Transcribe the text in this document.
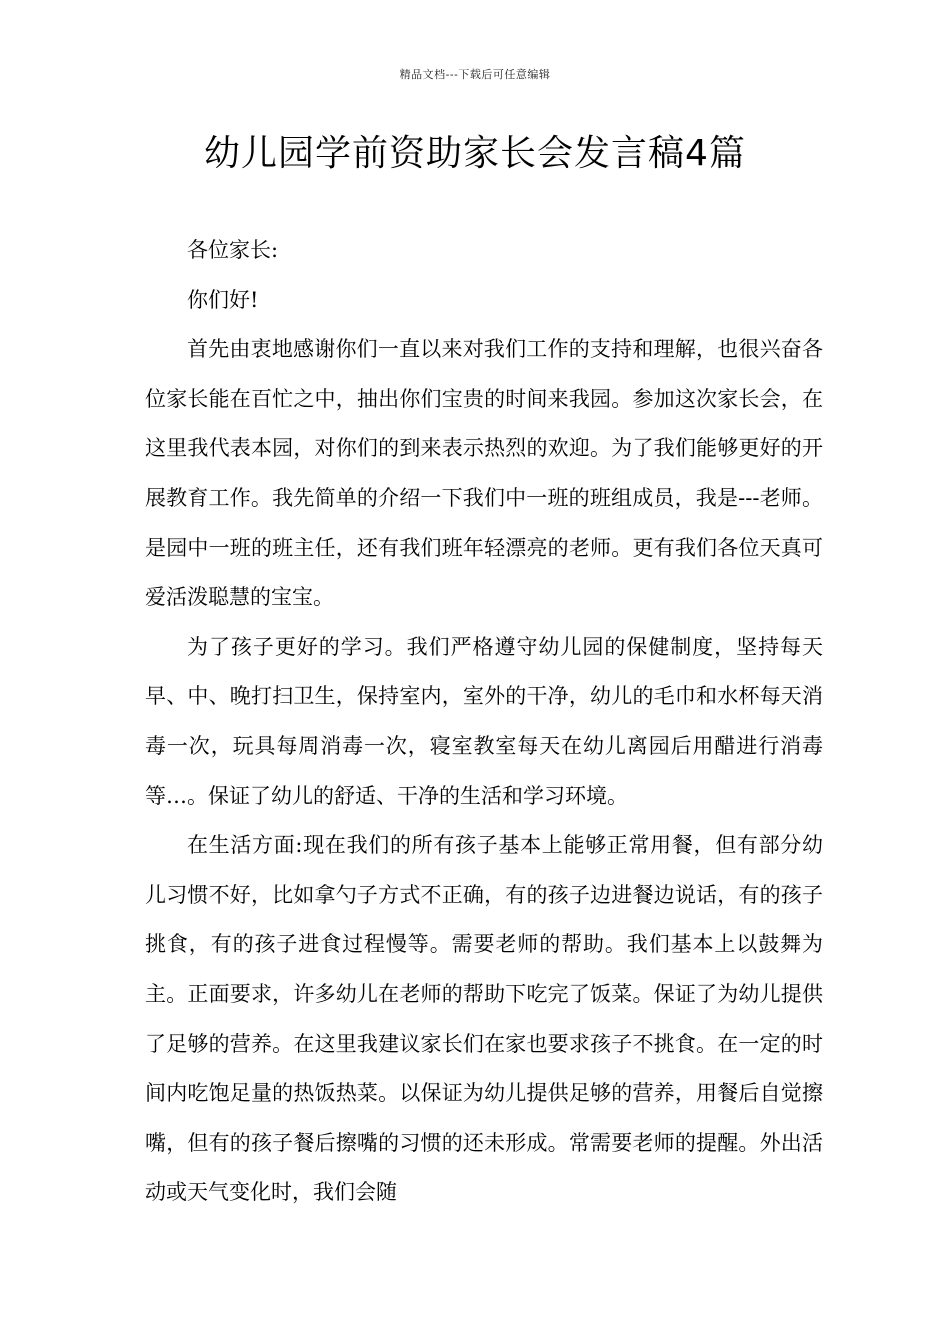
精品文档---下载后可任意编辑
幼儿园学前资助家长会发言稿4篇

各位家长:

你们好!

首先由衷地感谢你们一直以来对我们工作的支持和理解，也很兴奋各位家长能在百忙之中，抽出你们宝贵的时间来我园。参加这次家长会，在这里我代表本园，对你们的到来表示热烈的欢迎。为了我们能够更好的开展教育工作。我先简单的介绍一下我们中一班的班组成员，我是---老师。是园中一班的班主任，还有我们班年轻漂亮的老师。更有我们各位天真可爱活泼聪慧的宝宝。

为了孩子更好的学习。我们严格遵守幼儿园的保健制度，坚持每天早、中、晚打扫卫生，保持室内，室外的干净，幼儿的毛巾和水杯每天消毒一次，玩具每周消毒一次，寝室教室每天在幼儿离园后用醋进行消毒等…。保证了幼儿的舒适、干净的生活和学习环境。

在生活方面:现在我们的所有孩子基本上能够正常用餐，但有部分幼儿习惯不好，比如拿勺子方式不正确，有的孩子边进餐边说话，有的孩子挑食，有的孩子进食过程慢等。需要老师的帮助。我们基本上以鼓舞为主。正面要求，许多幼儿在老师的帮助下吃完了饭菜。保证了为幼儿提供了足够的营养。在这里我建议家长们在家也要求孩子不挑食。在一定的时间内吃饱足量的热饭热菜。以保证为幼儿提供足够的营养，用餐后自觉擦嘴，但有的孩子餐后擦嘴的习惯的还未形成。常需要老师的提醒。外出活动或天气变化时，我们会随
